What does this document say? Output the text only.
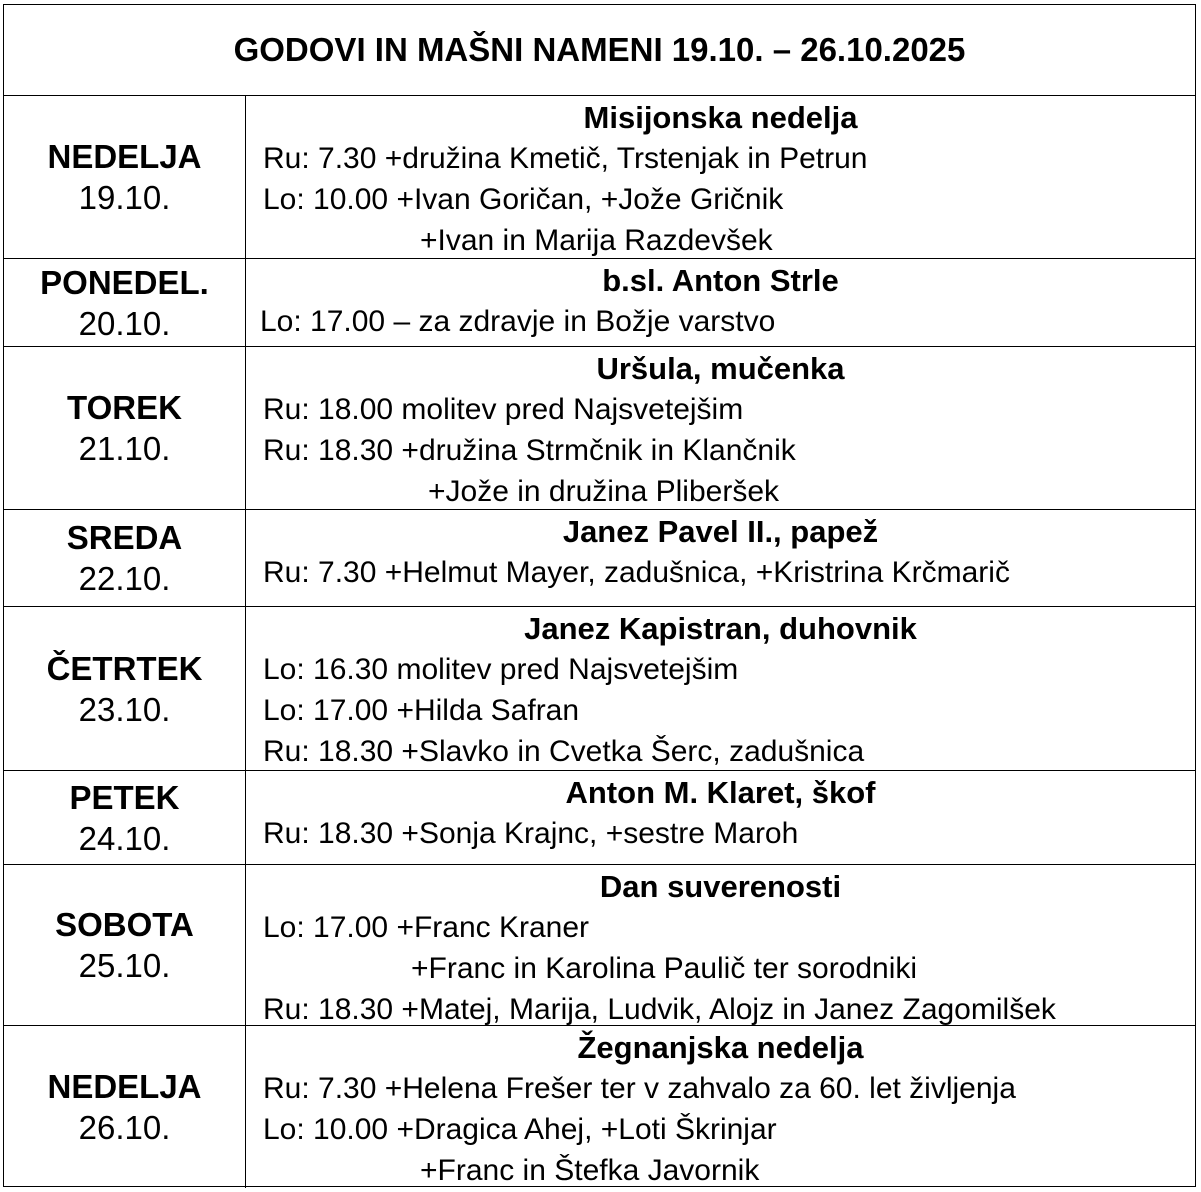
GODOVI IN MAŠNI NAMENI 19.10. – 26.10.2025
NEDELJA
19.10.
Misijonska nedelja
Ru: 7.30 +družina Kmetič, Trstenjak in Petrun
Lo: 10.00 +Ivan Goričan, +Jože Gričnik
+Ivan in Marija Razdevšek
PONEDEL.
20.10.
b.sl. Anton Strle
Lo: 17.00 – za zdravje in Božje varstvo
TOREK
21.10.
Uršula, mučenka
Ru: 18.00 molitev pred Najsvetejšim
Ru: 18.30 +družina Strmčnik in Klančnik
+Jože in družina Pliberšek
SREDA
22.10.
Janez Pavel II., papež
Ru: 7.30 +Helmut Mayer, zadušnica, +Kristrina Krčmarič
ČETRTEK
23.10.
Janez Kapistran, duhovnik
Lo: 16.30 molitev pred Najsvetejšim
Lo: 17.00 +Hilda Safran
Ru: 18.30 +Slavko in Cvetka Šerc, zadušnica
PETEK
24.10.
Anton M. Klaret, škof
Ru: 18.30 +Sonja Krajnc, +sestre Maroh
SOBOTA
25.10.
Dan suverenosti
Lo: 17.00 +Franc Kraner
+Franc in Karolina Paulič ter sorodniki
Ru: 18.30 +Matej, Marija, Ludvik, Alojz in Janez Zagomilšek
NEDELJA
26.10.
Žegnanjska nedelja
Ru: 7.30 +Helena Frešer ter v zahvalo za 60. let življenja
Lo: 10.00 +Dragica Ahej, +Loti Škrinjar
+Franc in Štefka Javornik
